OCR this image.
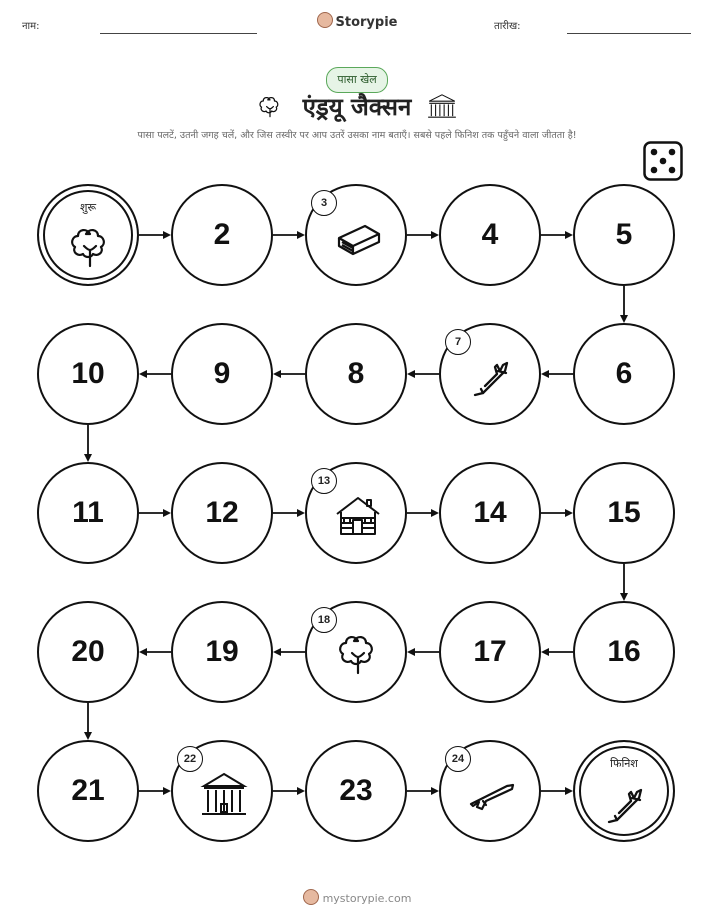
नाम:	Storypie	तारीख:
पासा खेल
एंड्रयू जैक्सन
पासा पलटें, उतनी जगह चलें, और जिस तस्वीर पर आप उतरें उसका नाम बताएँ। सबसे पहले फिनिश तक पहुँचने वाला जीतता है!
शुरू
2
3
4	5
6
7
8
9
10
11	12
13
14	15
16
17
18
19
20
21
22
23
24	फिनिश
mystorypie.com
